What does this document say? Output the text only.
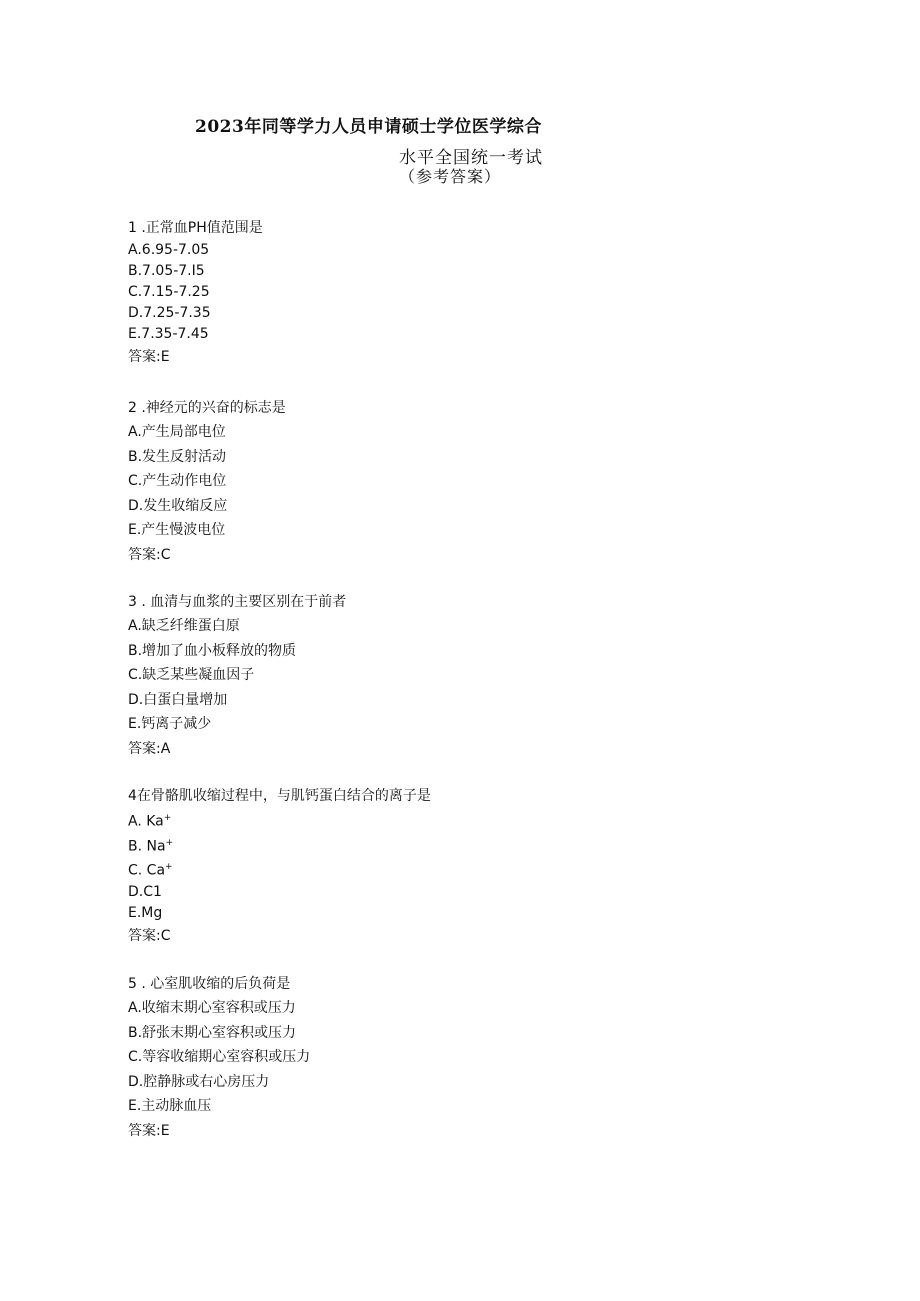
2023年同等学力人员申请硕士学位医学综合
水平全国统一考试
（参考答案）
1 .正常血PH值范围是
A.6.95-7.05
B.7.05-7.I5
C.7.15-7.25
D.7.25-7.35
E.7.35-7.45
答案:E
2 .神经元的兴奋的标志是
A.产生局部电位
B.发生反射活动
C.产生动作电位
D.发生收缩反应
E.产生慢波电位
答案:C
3 . 血清与血浆的主要区别在于前者
A.缺乏纤维蛋白原
B.增加了血小板释放的物质
C.缺乏某些凝血因子
D.白蛋白量增加
E.钙离子减少
答案:A
4在骨骼肌收缩过程中，与肌钙蛋白结合的离子是
A. Ka+
B. Na+
C. Ca+
D.C1
E.Mg
答案:C
5 . 心室肌收缩的后负荷是
A.收缩末期心室容积或压力
B.舒张末期心室容积或压力
C.等容收缩期心室容积或压力
D.腔静脉或右心房压力
E.主动脉血压
答案:E
